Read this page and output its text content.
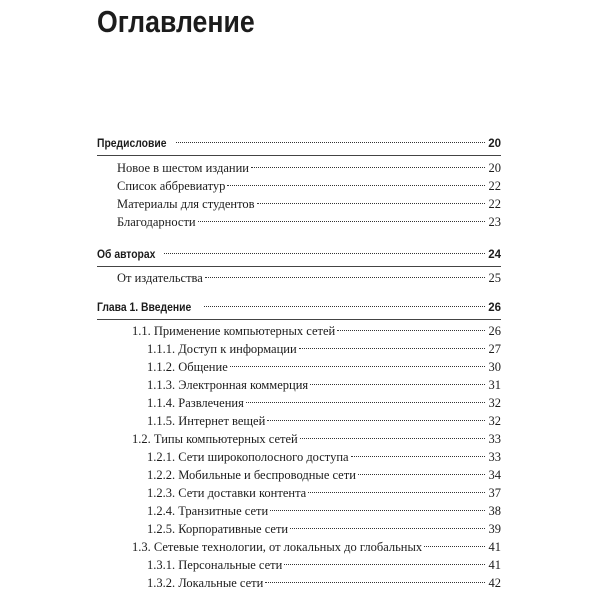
Оглавление
Предисловие	20
Новое в шестом издании	20
Список аббревиатур	22
Материалы для студентов	22
Благодарности	23
Об авторах	24
От издательства	25
Глава 1. Введение	26
1.1. Применение компьютерных сетей	26
1.1.1. Доступ к информации	27
1.1.2. Общение	30
1.1.3. Электронная коммерция	31
1.1.4. Развлечения	32
1.1.5. Интернет вещей	32
1.2. Типы компьютерных сетей	33
1.2.1. Сети широкополосного доступа	33
1.2.2. Мобильные и беспроводные сети	34
1.2.3. Сети доставки контента	37
1.2.4. Транзитные сети	38
1.2.5. Корпоративные сети	39
1.3. Сетевые технологии, от локальных до глобальных	41
1.3.1. Персональные сети	41
1.3.2. Локальные сети	42
